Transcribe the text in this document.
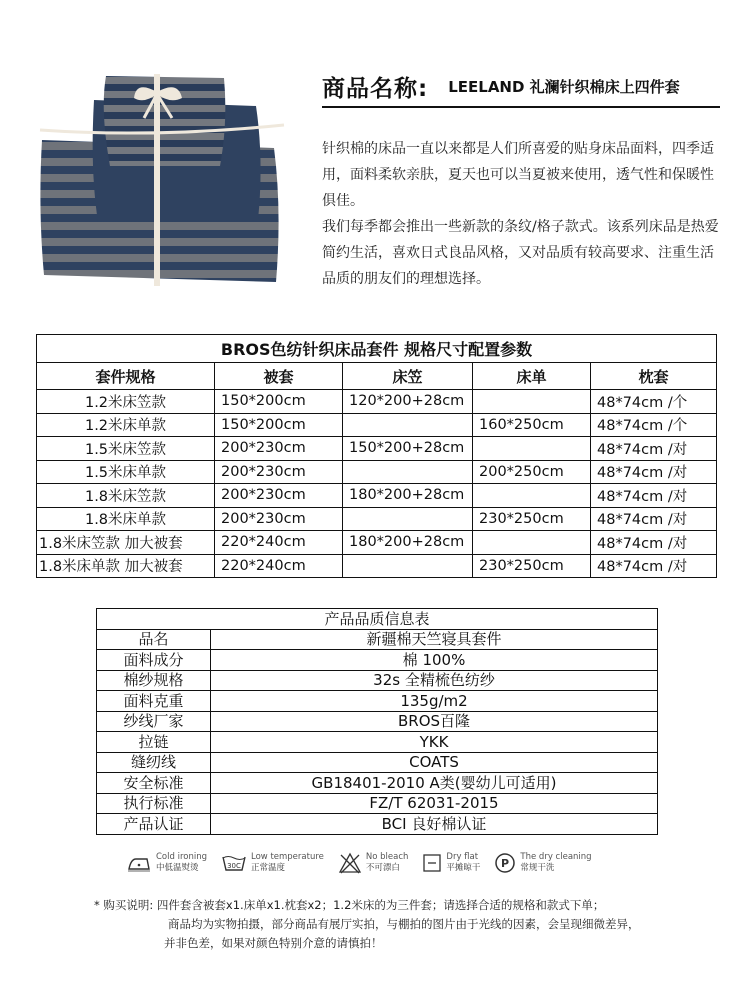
商品名称: LEELAND 礼澜针织棉床上四件套

针织棉的床品一直以来都是人们所喜爱的贴身床品面料，四季适用，面料柔软亲肤，夏天也可以当夏被来使用，透气性和保暖性俱佳。

我们每季都会推出一些新款的条纹/格子款式。该系列床品是热爱简约生活，喜欢日式良品风格，又对品质有较高要求、注重生活品质的朋友们的理想选择。

BROS色纺针织床品套件 规格尺寸配置参数				
套件规格	被套	床笠	床单	枕套
1.2米床笠款	150*200cm	120*200+28cm		48*74cm /个
1.2米床单款	150*200cm		160*250cm	48*74cm /个
1.5米床笠款	200*230cm	150*200+28cm		48*74cm /对
1.5米床单款	200*230cm		200*250cm	48*74cm /对
1.8米床笠款	200*230cm	180*200+28cm		48*74cm /对
1.8米床单款	200*230cm		230*250cm	48*74cm /对
1.8米床笠款 加大被套	220*240cm	180*200+28cm		48*74cm /对
1.8米床单款 加大被套	220*240cm		230*250cm	48*74cm /对
产品品质信息表	
品名	新疆棉天竺寝具套件
面料成分	棉 100%
棉纱规格	32s 全精梳色纺纱
面料克重	135g/m2
纱线厂家	BROS百隆
拉链	YKK
缝纫线	COATS
安全标准	GB18401-2010 A类(婴幼儿可适用)
执行标准	FZ/T 62031-2015
产品认证	BCI 良好棉认证
Cold ironing
中低温熨烫	30C
Low temperature
正常温度
No bleach
不可漂白
Dry flat
平摊晾干 P The dry cleaning
常规干洗
* 购买说明: 四件套含被套x1.床单x1.枕套x2；1.2米床的为三件套；请选择合适的规格和款式下单；
商品均为实物拍摄，部分商品有展厅实拍，与棚拍的图片由于光线的因素，会呈现细微差异，
并非色差，如果对颜色特别介意的请慎拍！
